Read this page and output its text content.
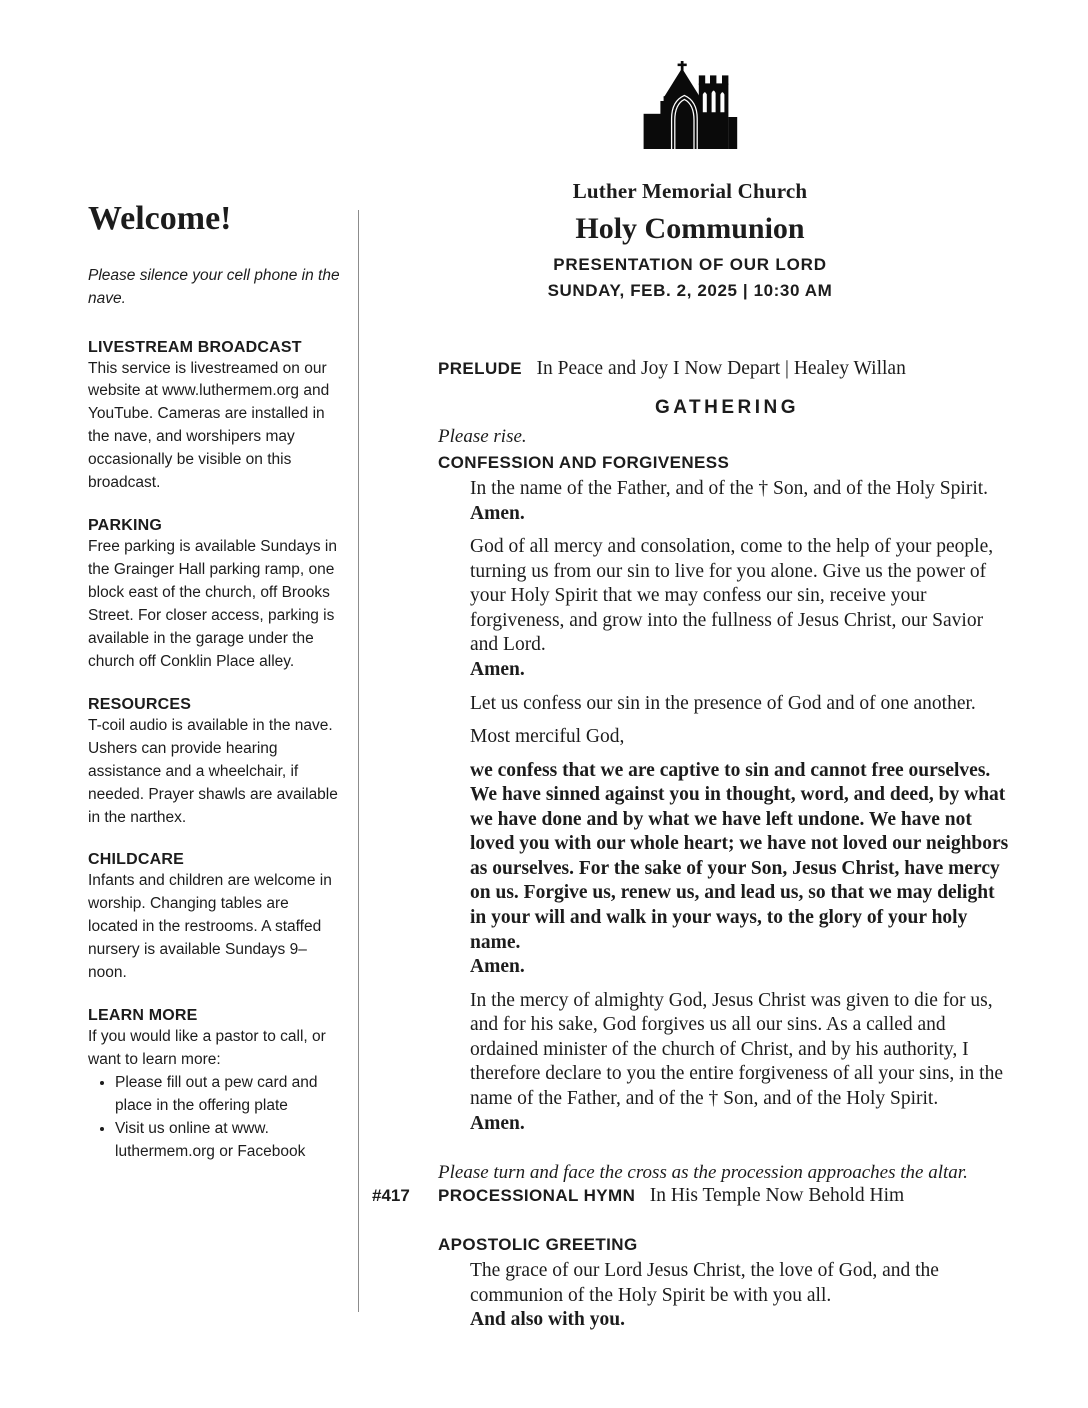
Luther Memorial Church
Holy Communion
PRESENTATION OF OUR LORD
SUNDAY, FEB. 2, 2025 | 10:30 AM
Welcome!

Please silence your cell phone in the nave.

LIVESTREAM BROADCAST

This service is livestreamed on our website at www.luthermem.org and YouTube. Cameras are installed in the nave, and worshipers may occasionally be visible on this broadcast.

PARKING

Free parking is available Sundays in the Grainger Hall parking ramp, one block east of the church, off Brooks Street. For closer access, parking is available in the garage under the church off Conklin Place alley.

RESOURCES

T-coil audio is available in the nave. Ushers can provide hearing assistance and a wheelchair, if needed. Prayer shawls are available in the narthex.

CHILDCARE

Infants and children are welcome in worship. Changing tables are located in the restrooms. A staffed nursery is available Sundays 9–noon.

LEARN MORE

If you would like a pastor to call, or want to learn more:

• Please fill out a pew card and place in the offering plate
• Visit us online at www. luthermem.org or Facebook
PRELUDE In Peace and Joy I Now Depart | Healey Willan
GATHERING
Please rise.
CONFESSION AND FORGIVENESS
In the name of the Father, and of the † Son, and of the Holy Spirit.
Amen.
God of all mercy and consolation, come to the help of your people, turning us from our sin to live for you alone. Give us the power of your Holy Spirit that we may confess our sin, receive your forgiveness, and grow into the fullness of Jesus Christ, our Savior and Lord.
Amen.
Let us confess our sin in the presence of God and of one another.
Most merciful God,
we confess that we are captive to sin and cannot free ourselves. We have sinned against you in thought, word, and deed, by what we have done and by what we have left undone. We have not loved you with our whole heart; we have not loved our neighbors as ourselves. For the sake of your Son, Jesus Christ, have mercy on us. Forgive us, renew us, and lead us, so that we may delight in your will and walk in your ways, to the glory of your holy name.
Amen.
In the mercy of almighty God, Jesus Christ was given to die for us, and for his sake, God forgives us all our sins. As a called and ordained minister of the church of Christ, and by his authority, I therefore declare to you the entire forgiveness of all your sins, in the name of the Father, and of the † Son, and of the Holy Spirit.
Amen.
Please turn and face the cross as the procession approaches the altar.
#417 PROCESSIONAL HYMN In His Temple Now Behold Him
APOSTOLIC GREETING
The grace of our Lord Jesus Christ, the love of God, and the communion of the Holy Spirit be with you all.
And also with you.
